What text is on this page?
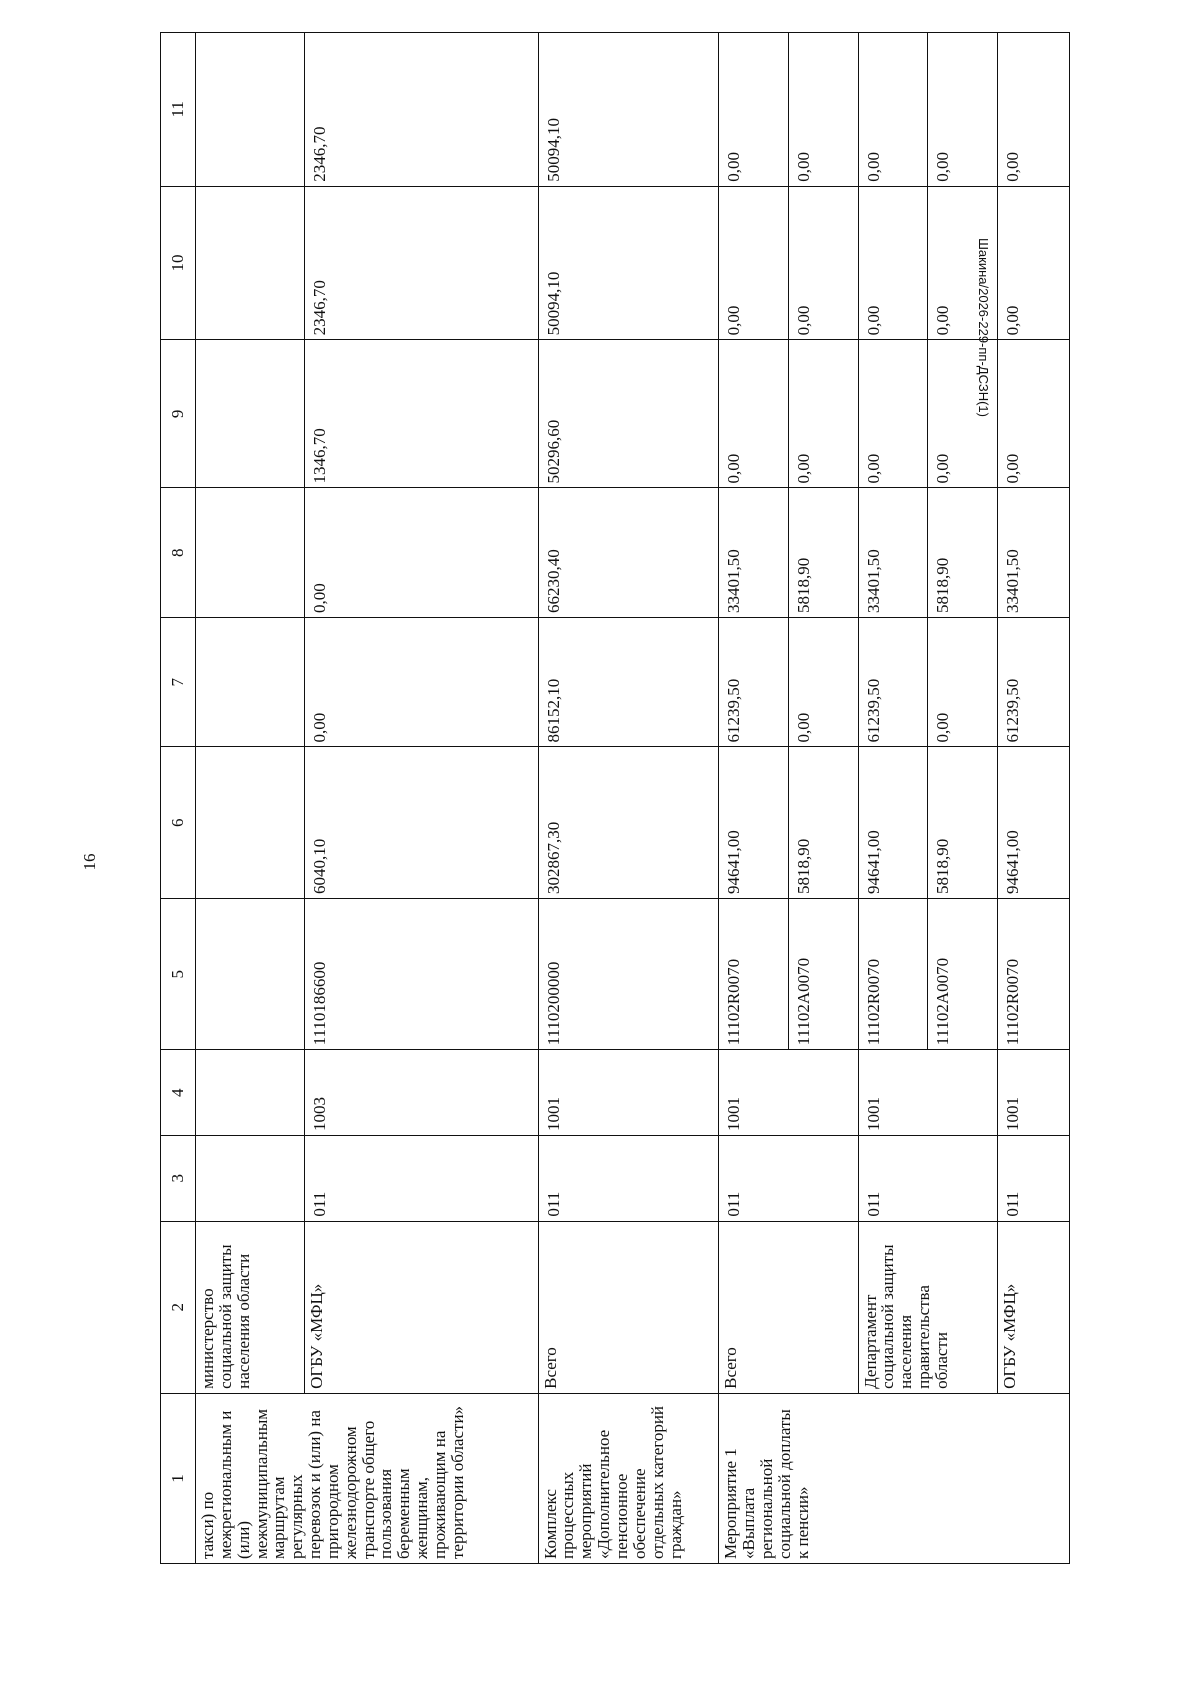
16
Шакина/2026-229-пп-ДСЗН(1)
1	2	3	4	5	6	7	8	9	10	11

такси) по межрегиональным и (или) межмуниципальным маршрутам регулярных перевозок и (или) на пригородном железнодорожном транспорте общего пользования беременным женщинам, проживающим на территории области»	министерство социальной защиты населения области									
	ОГБУ «МФЦ»	011	1003	1110186600	6040,10	0,00	0,00	1346,70	2346,70	2346,70
Комплекс процессных мероприятий «Дополнительное пенсионное обеспечение отдельных категорий граждан»	Всего	011	1001	1110200000	302867,30	86152,10	66230,40	50296,60	50094,10	50094,10
Мероприятие 1 «Выплата региональной социальной доплаты к пенсии»	Всего	011	1001	11102R0070	94641,00	61239,50	33401,50	0,00	0,00	0,00
				11102А0070	5818,90	0,00	5818,90	0,00	0,00	0,00
	Департамент социальной защиты населения правительства области	011	1001	11102R0070	94641,00	61239,50	33401,50	0,00	0,00	0,00
				11102А0070	5818,90	0,00	5818,90	0,00	0,00	0,00
	ОГБУ «МФЦ»	011	1001	11102R0070	94641,00	61239,50	33401,50	0,00	0,00	0,00
